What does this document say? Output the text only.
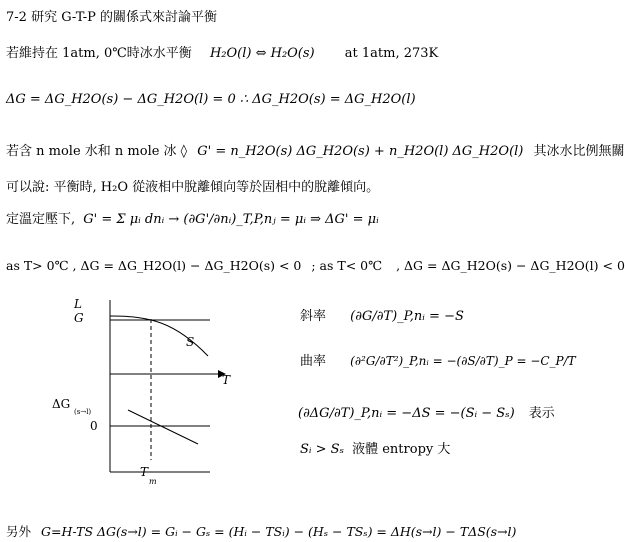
7-2 研究 G-T-P 的關係式來討論平衡
若維持在 1atm, 0℃時冰水平衡 H₂O(l) ⇔ H₂O(s) at 1atm, 273K
ΔG = ΔG_H2O(s) − ΔG_H2O(l) = 0 ∴ ΔG_H2O(s) = ΔG_H2O(l)
若含 n mole 水和 n mole 冰 ◊ G' = n_H2O(s) ΔG_H2O(s) + n_H2O(l) ΔG_H2O(l) 其冰水比例無關
可以說: 平衡時, H₂O 從液相中脫離傾向等於固相中的脫離傾向。
定溫定壓下, G' = Σ μᵢ dnᵢ → (∂G'/∂nᵢ)_T,P,nⱼ = μᵢ ⇒ ΔG' = μᵢ
as T> 0℃ , ΔG = ΔG_H2O(l) − ΔG_H2O(s) < 0 ; as T< 0℃ , ΔG = ΔG_H2O(s) − ΔG_H2O(l) < 0
L
G
S
T
ΔG
(s→l)
0
T
m
斜率 (∂G/∂T)_P,nᵢ = −S
曲率 (∂²G/∂T²)_P,nᵢ = −(∂S/∂T)_P = −C_P/T
(∂ΔG/∂T)_P,nᵢ = −ΔS = −(Sᵢ − Sₛ) 表示
Sᵢ > Sₛ 液體 entropy 大
另外 G=H-TS ΔG(s→l) = Gᵢ − Gₛ = (Hᵢ − TSᵢ) − (Hₛ − TSₛ) = ΔH(s→l) − TΔS(s→l)
